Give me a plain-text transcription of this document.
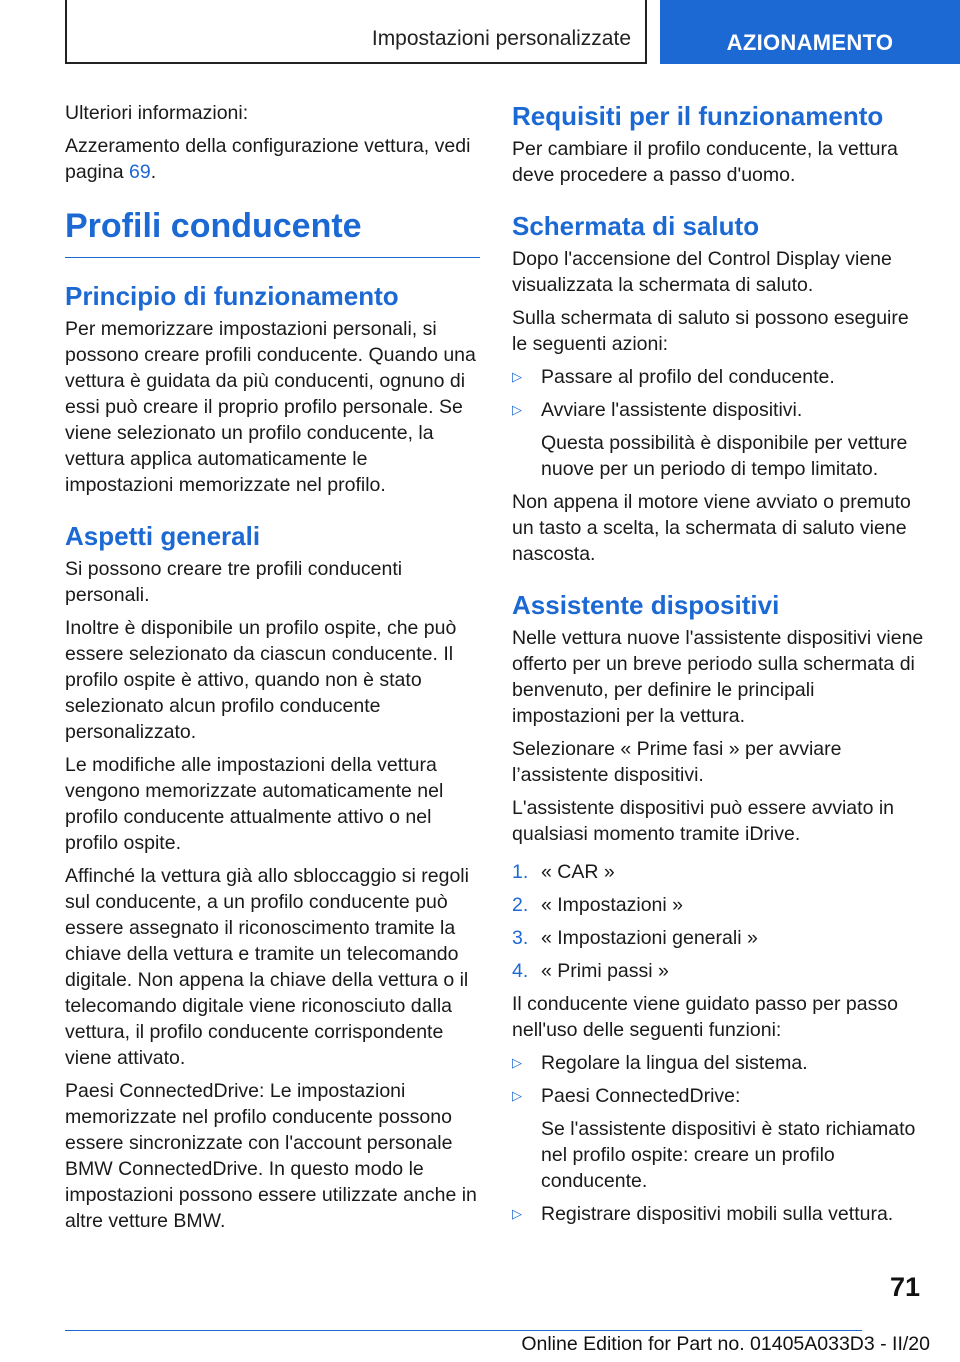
Impostazioni personalizzate	AZIONAMENTO

Ulteriori informazioni:

Azzeramento della configurazione vettura, vedi pagina 69.

Profili conducente
Principio di funzionamento

Per memorizzare impostazioni personali, si possono creare profili conducente. Quando una vettura è guidata da più conducenti, ognuno di essi può creare il proprio profilo personale. Se viene selezionato un profilo conducente, la vettura applica automaticamente le impostazioni memorizzate nel profilo.

Aspetti generali

Si possono creare tre profili conducenti personali.

Inoltre è disponibile un profilo ospite, che può essere selezionato da ciascun conducente. Il profilo ospite è attivo, quando non è stato selezionato alcun profilo conducente personalizzato.

Le modifiche alle impostazioni della vettura vengono memorizzate automaticamente nel profilo conducente attualmente attivo o nel profilo ospite.

Affinché la vettura già allo sbloccaggio si regoli sul conducente, a un profilo conducente può essere assegnato il riconoscimento tramite la chiave della vettura e tramite un telecomando digitale. Non appena la chiave della vettura o il telecomando digitale viene riconosciuto dalla vettura, il profilo conducente corrispondente viene attivato.

Paesi ConnectedDrive: Le impostazioni memorizzate nel profilo conducente possono essere sincronizzate con l'account personale BMW ConnectedDrive. In questo modo le impostazioni possono essere utilizzate anche in altre vetture BMW.

Requisiti per il funzionamento

Per cambiare il profilo conducente, la vettura deve procedere a passo d'uomo.

Schermata di saluto

Dopo l'accensione del Control Display viene visualizzata la schermata di saluto.

Sulla schermata di saluto si possono eseguire le seguenti azioni:

▷ Passare al profilo del conducente.

▷ Avviare l'assistente dispositivi.

Questa possibilità è disponibile per vetture nuove per un periodo di tempo limitato.

Non appena il motore viene avviato o premuto un tasto a scelta, la schermata di saluto viene nascosta.

Assistente dispositivi

Nelle vettura nuove l'assistente dispositivi viene offerto per un breve periodo sulla schermata di benvenuto, per definire le principali impostazioni per la vettura.

Selezionare « Prime fasi » per avviare l’assistente dispositivi.

L'assistente dispositivi può essere avviato in qualsiasi momento tramite iDrive.

1. « CAR »

2. « Impostazioni »

3. « Impostazioni generali »

4. « Primi passi »

Il conducente viene guidato passo per passo nell'uso delle seguenti funzioni:

▷ Regolare la lingua del sistema.

▷ Paesi ConnectedDrive:

Se l'assistente dispositivi è stato richiamato nel profilo ospite: creare un profilo conducente.

▷ Registrare dispositivi mobili sulla vettura.

71
Online Edition for Part no. 01405A033D3 - II/20
